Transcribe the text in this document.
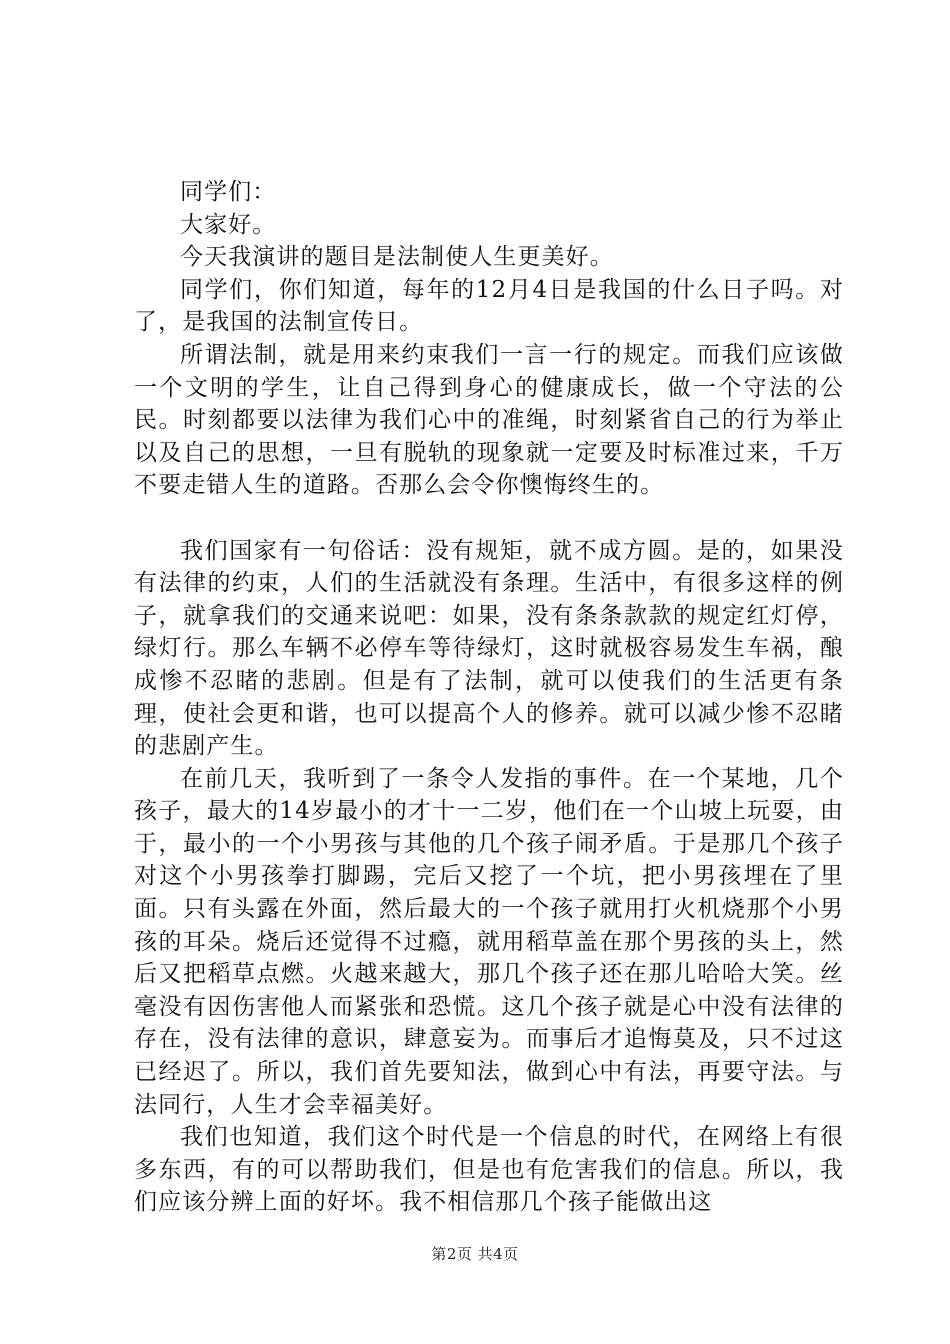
同学们：

大家好。

今天我演讲的题目是法制使人生更美好。

同学们，你们知道，每年的12月4日是我国的什么日子吗。对了，是我国的法制宣传日。

所谓法制，就是用来约束我们一言一行的规定。而我们应该做一个文明的学生，让自己得到身心的健康成长，做一个守法的公民。时刻都要以法律为我们心中的准绳，时刻紧省自己的行为举止以及自己的思想，一旦有脱轨的现象就一定要及时标准过来，千万不要走错人生的道路。否那么会令你懊悔终生的。

我们国家有一句俗话：没有规矩，就不成方圆。是的，如果没有法律的约束，人们的生活就没有条理。生活中，有很多这样的例子，就拿我们的交通来说吧：如果，没有条条款款的规定红灯停，绿灯行。那么车辆不必停车等待绿灯，这时就极容易发生车祸，酿成惨不忍睹的悲剧。但是有了法制，就可以使我们的生活更有条理，使社会更和谐，也可以提高个人的修养。就可以减少惨不忍睹的悲剧产生。

在前几天，我听到了一条令人发指的事件。在一个某地，几个孩子，最大的14岁最小的才十一二岁，他们在一个山坡上玩耍，由于，最小的一个小男孩与其他的几个孩子闹矛盾。于是那几个孩子对这个小男孩拳打脚踢，完后又挖了一个坑，把小男孩埋在了里面。只有头露在外面，然后最大的一个孩子就用打火机烧那个小男孩的耳朵。烧后还觉得不过瘾，就用稻草盖在那个男孩的头上，然后又把稻草点燃。火越来越大，那几个孩子还在那儿哈哈大笑。丝毫没有因伤害他人而紧张和恐慌。这几个孩子就是心中没有法律的存在，没有法律的意识，肆意妄为。而事后才追悔莫及，只不过这已经迟了。所以，我们首先要知法，做到心中有法，再要守法。与法同行，人生才会幸福美好。

我们也知道，我们这个时代是一个信息的时代，在网络上有很多东西，有的可以帮助我们，但是也有危害我们的信息。所以，我们应该分辨上面的好坏。我不相信那几个孩子能做出这

第2页 共4页
